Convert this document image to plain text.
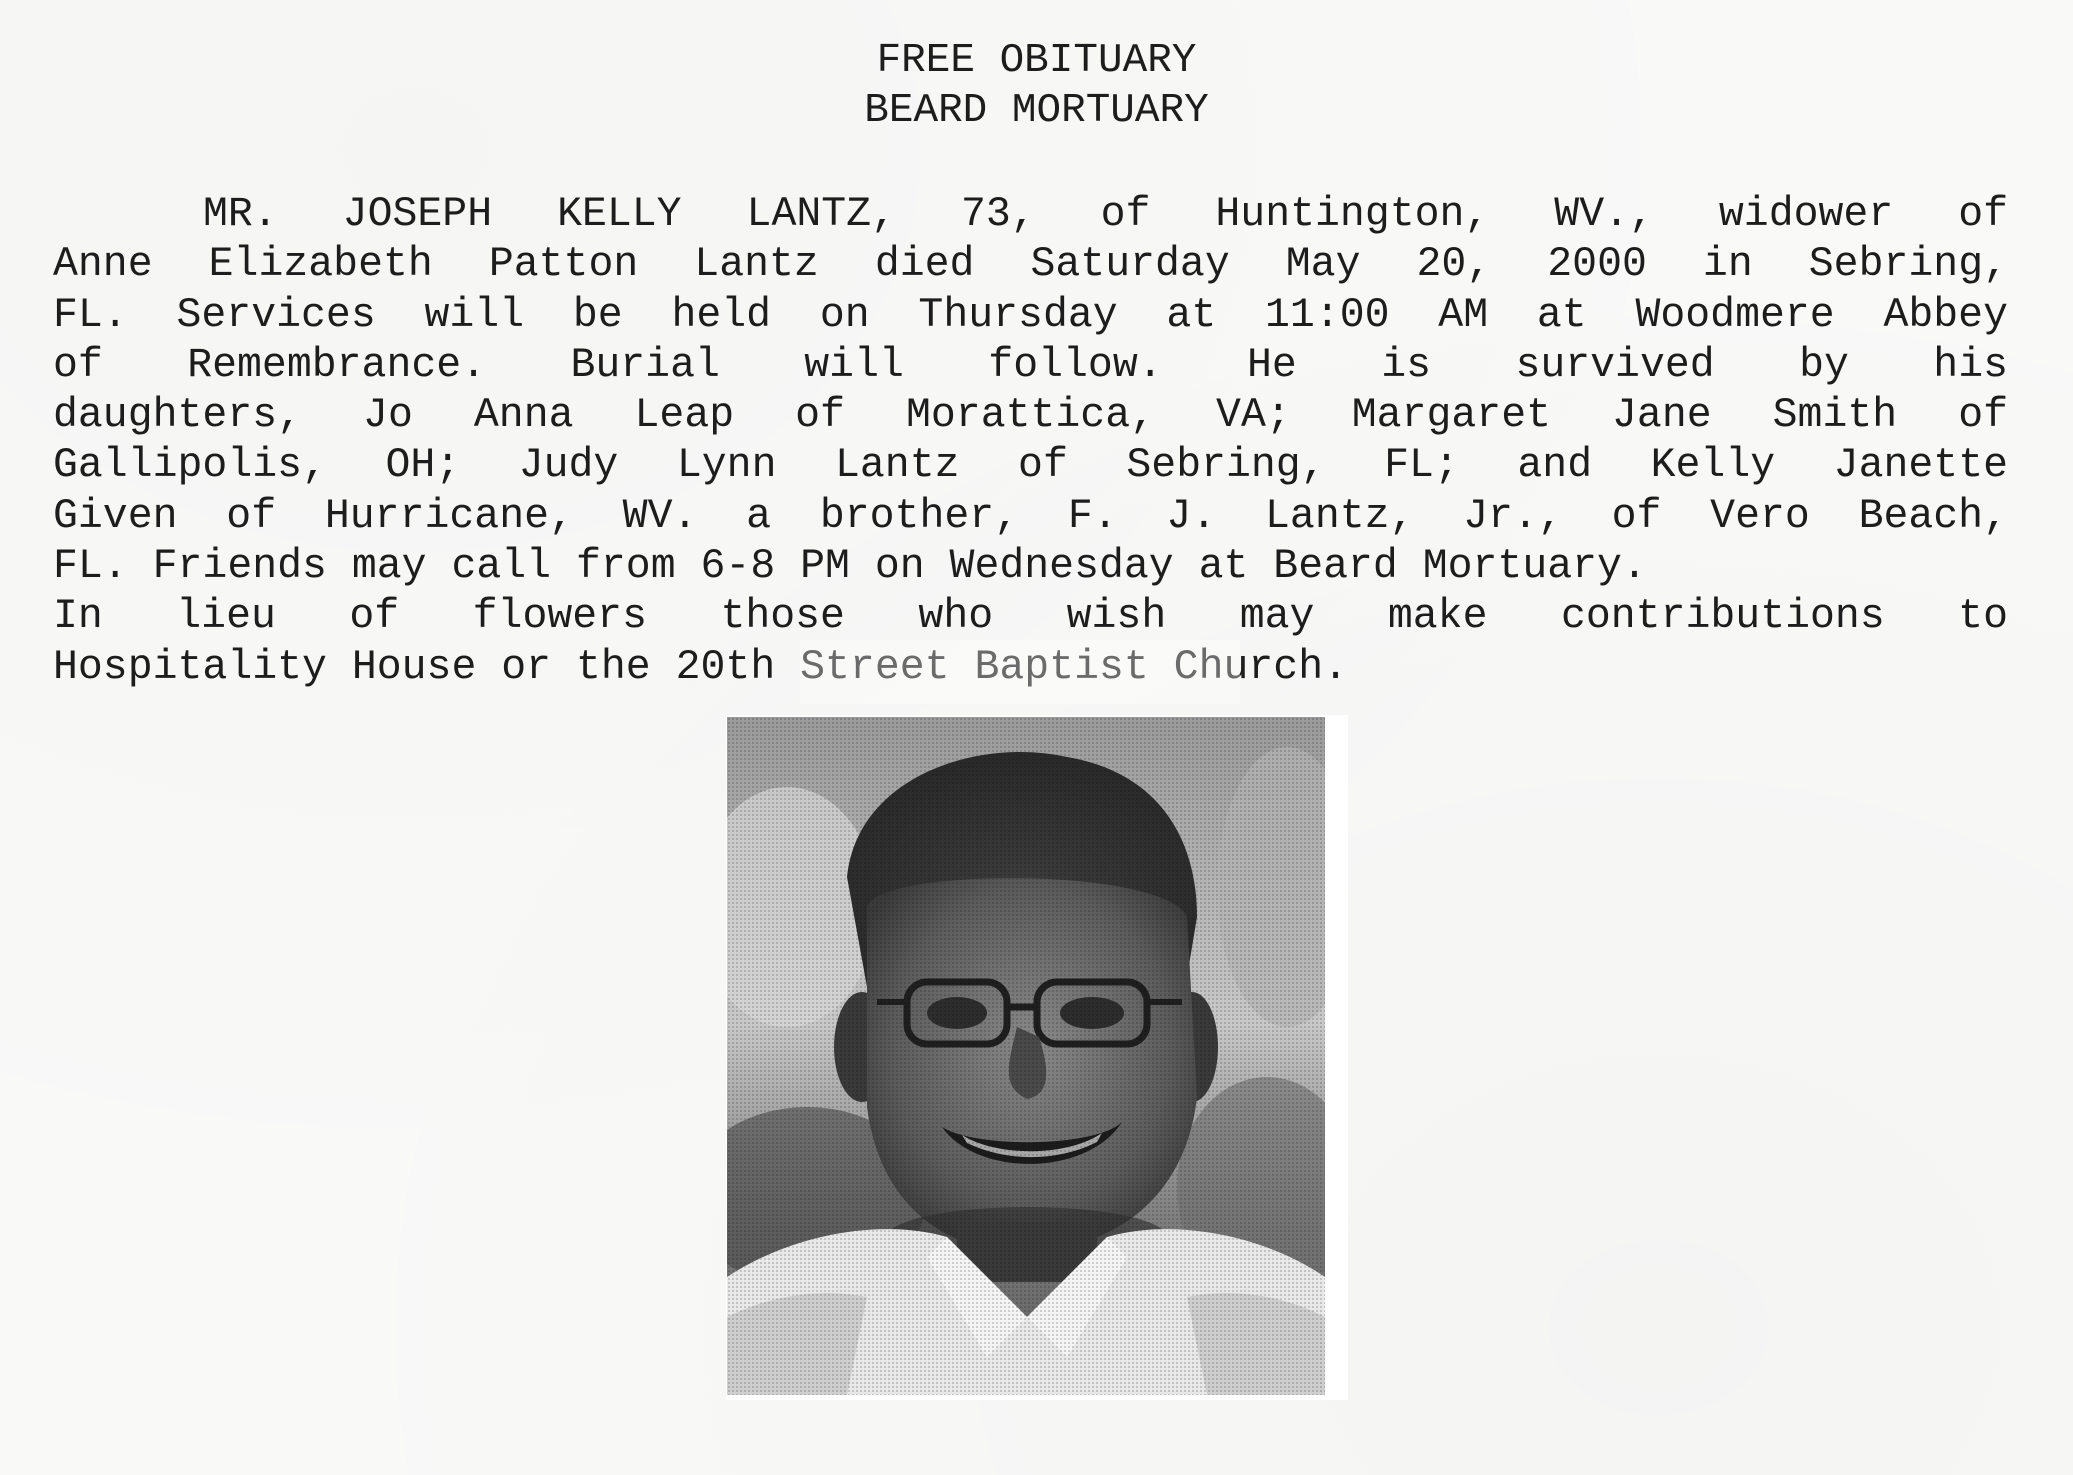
FREE OBITUARY
BEARD MORTUARY
MR. JOSEPH KELLY LANTZ, 73, of Huntington, WV., widower of
Anne Elizabeth Patton Lantz died Saturday May 20, 2000 in Sebring,
FL. Services will be held on Thursday at 11:00 AM at Woodmere Abbey
of Remembrance. Burial will follow. He is survived by his
daughters, Jo Anna Leap of Morattica, VA; Margaret Jane Smith of
Gallipolis, OH; Judy Lynn Lantz of Sebring, FL; and Kelly Janette
Given of Hurricane, WV. a brother, F. J. Lantz, Jr., of Vero Beach,
FL. Friends may call from 6-8 PM on Wednesday at Beard Mortuary.
In lieu of flowers those who wish may make contributions to
Hospitality House or the 20th Street Baptist Church.
